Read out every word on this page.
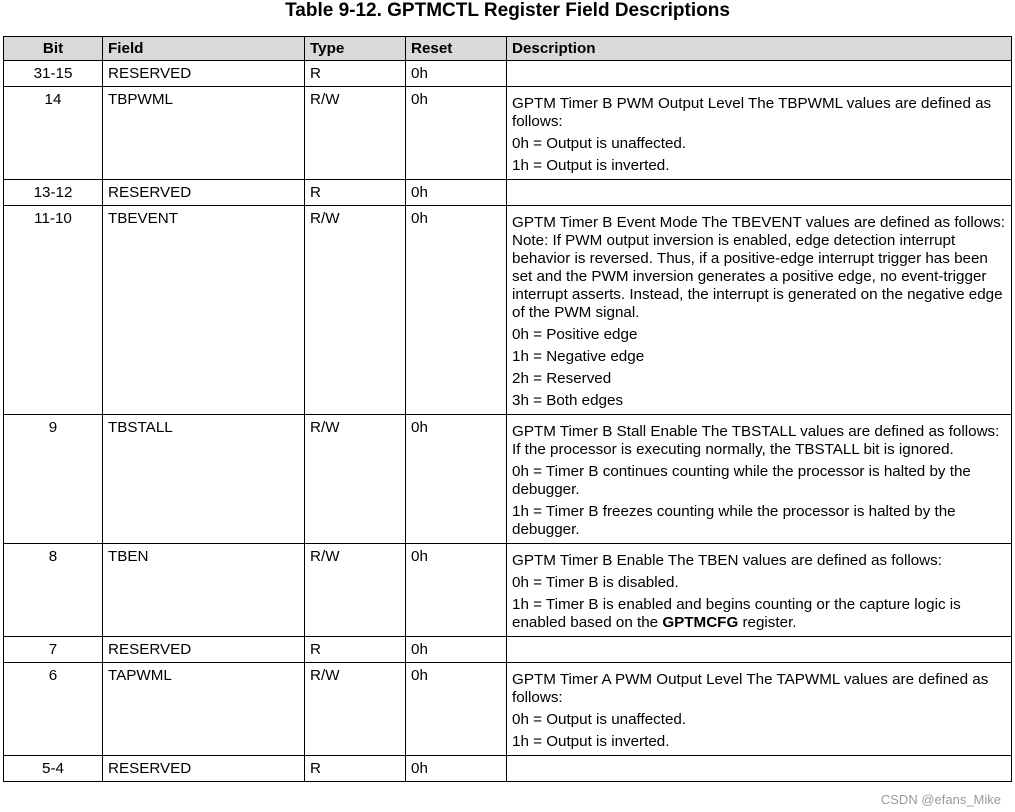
Table 9-12. GPTMCTL Register Field Descriptions
Bit	Field	Type	Reset	Description
31-15	RESERVED	R	0h	
14	TBPWML	R/W	0h	GPTM Timer B PWM Output Level The TBPWML values are defined as follows:
0h = Output is unaffected.
1h = Output is inverted.

13-12	RESERVED	R	0h	
11-10	TBEVENT	R/W	0h	GPTM Timer B Event Mode The TBEVENT values are defined as follows: Note: If PWM output inversion is enabled, edge detection interrupt behavior is reversed. Thus, if a positive-edge interrupt trigger has been set and the PWM inversion generates a positive edge, no event-trigger interrupt asserts. Instead, the interrupt is generated on the negative edge of the PWM signal.
0h = Positive edge
1h = Negative edge
2h = Reserved
3h = Both edges

9	TBSTALL	R/W	0h	GPTM Timer B Stall Enable The TBSTALL values are defined as follows: If the processor is executing normally, the TBSTALL bit is ignored.
0h = Timer B continues counting while the processor is halted by the debugger.
1h = Timer B freezes counting while the processor is halted by the debugger.

8	TBEN	R/W	0h	GPTM Timer B Enable The TBEN values are defined as follows:
0h = Timer B is disabled.
1h = Timer B is enabled and begins counting or the capture logic is enabled based on the GPTMCFG register.

7	RESERVED	R	0h	
6	TAPWML	R/W	0h	GPTM Timer A PWM Output Level The TAPWML values are defined as follows:
0h = Output is unaffected.
1h = Output is inverted.

5-4	RESERVED	R	0h	
CSDN @efans_Mike
